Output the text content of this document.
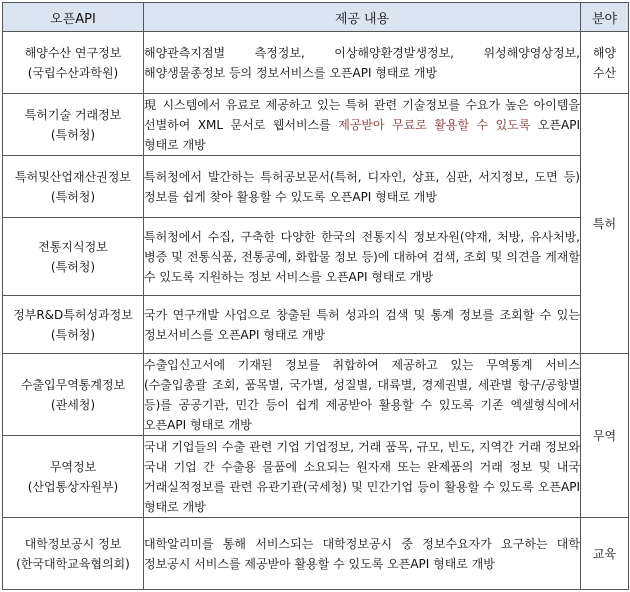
오픈API	제공 내용	분야

해양수산 연구정보
(국립수산과학원)	해양관측지점별 측정정보, 이상해양환경발생정보, 위성해양영상정보, 해양생물종정보 등의 정보서비스를 오픈API 형태로 개방	해양
수산

특허기술 거래정보
(특허청)	現 시스템에서 유료로 제공하고 있는 특허 관련 기술정보를 수요가 높은 아이템을 선별하여 XML 문서로 웹서비스를 제공받아 무료로 활용할 수 있도록 오픈API 형태로 개방	특허

특허및산업재산권정보
(특허청)	특허청에서 발간하는 특허공보문서(특허, 디자인, 상표, 심판, 서지정보, 도면 등) 정보를 쉽게 찾아 활용할 수 있도록 오픈API 형태로 개방	

전통지식정보
(특허청)	특허청에서 수집, 구축한 다양한 한국의 전통지식 정보자원(약재, 처방, 유사처방, 병증 및 전통식품, 전통공예, 화합물 정보 등)에 대하여 검색, 조회 및 의견을 게재할 수 있도록 지원하는 정보 서비스를 오픈API 형태로 개방	

정부R&D특허성과정보
(특허청)	국가 연구개발 사업으로 창출된 특허 성과의 검색 및 통계 정보를 조회할 수 있는 정보서비스를 오픈API 형태로 개방	

수출입무역통계정보
(관세청)	수출입신고서에 기재된 정보를 취합하여 제공하고 있는 무역통계 서비스(수출입총괄 조회, 품목별, 국가별, 성질별, 대륙별, 경제권별, 세관별 항구/공항별 등)를 공공기관, 민간 등이 쉽게 제공받아 활용할 수 있도록 기존 엑셀형식에서 오픈API 형태로 개방	무역

무역정보
(산업통상자원부)	국내 기업들의 수출 관련 기업 기업정보, 거래 품목, 규모, 빈도, 지역간 거래 정보와 국내 기업 간 수출용 물품에 소요되는 원자재 또는 완제품의 거래 정보 및 내국 거래실적정보를 관련 유관기관(국세청) 및 민간기업 등이 활용할 수 있도록 오픈API 형태로 개방	

대학정보공시 정보
(한국대학교육협의회)	대학알리미를 통해 서비스되는 대학정보공시 중 정보수요자가 요구하는 대학 정보공시 서비스를 제공받아 활용할 수 있도록 오픈API 형태로 개방	교육
